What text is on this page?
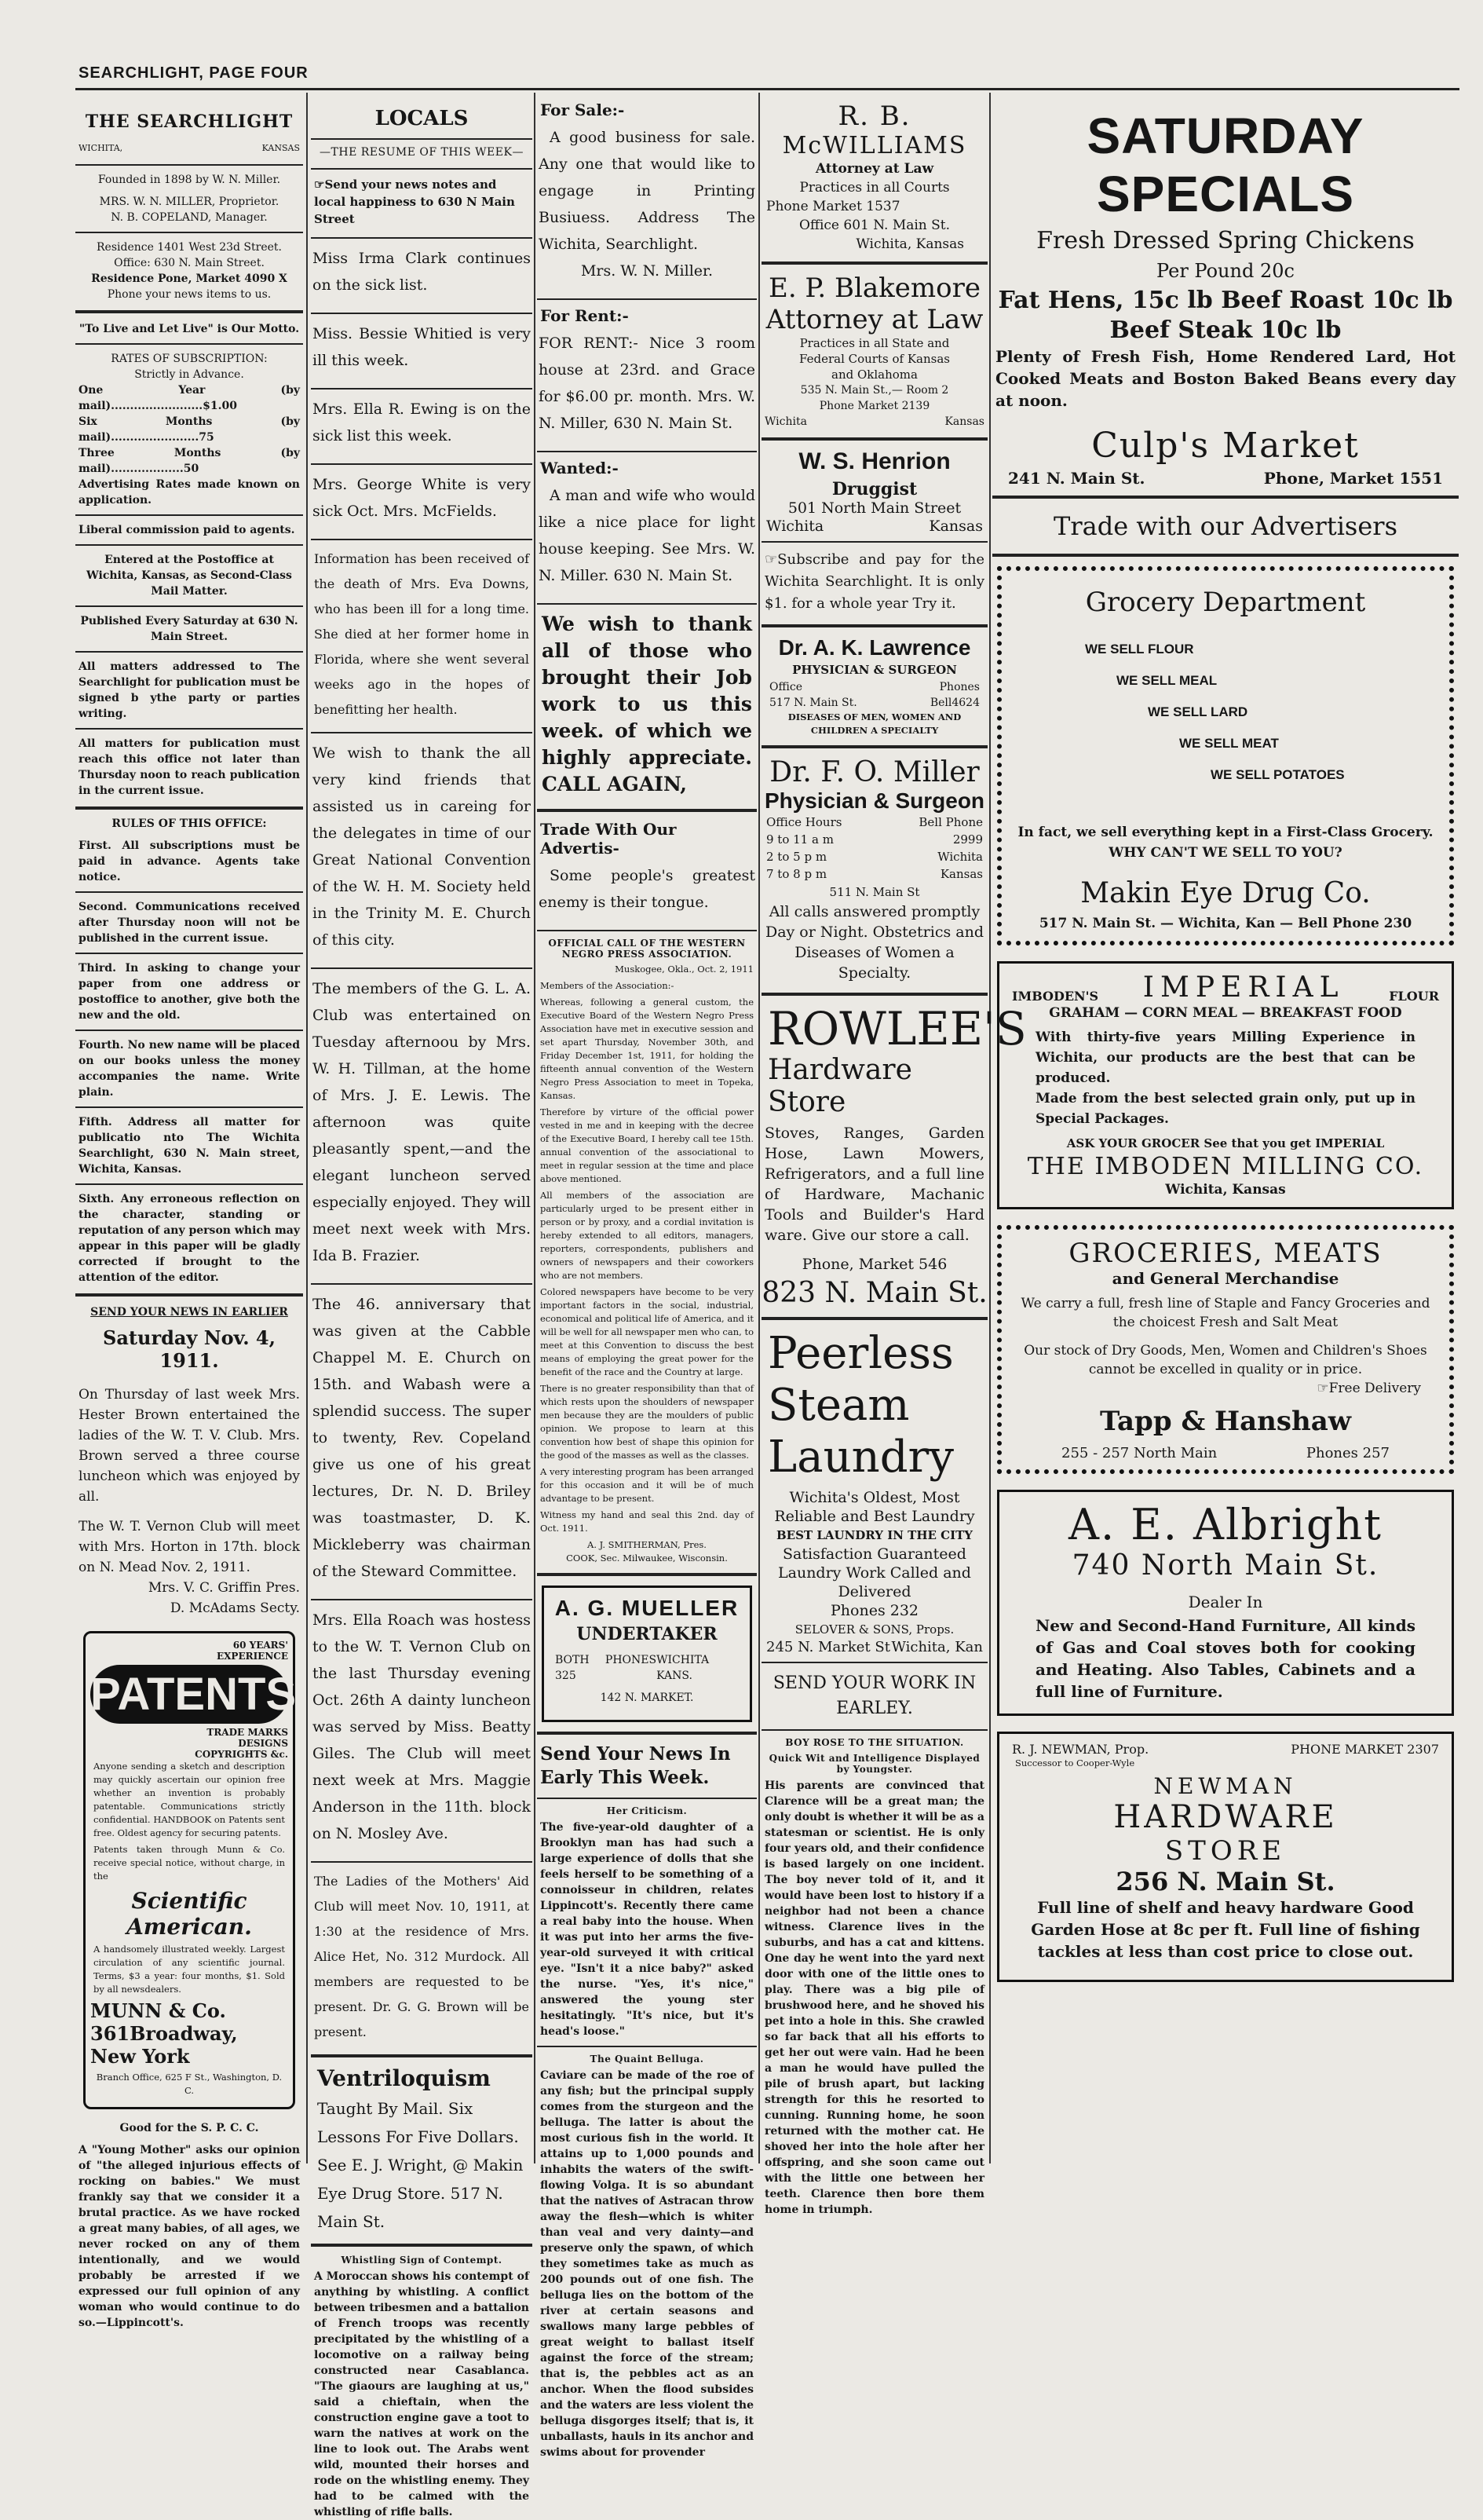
SEARCHLIGHT, PAGE FOUR
THE SEARCHLIGHT
WICHITA,	KANSAS

Founded in 1898 by W. N. Miller.

MRS. W. N. MILLER, Proprietor.

N. B. COPELAND, Manager.

Residence 1401 West 23d Street.

Office: 630 N. Main Street.

Residence Pone, Market 4090 X

Phone your news items to us.

"To Live and Let Live" is Our Motto.

RATES OF SUBSCRIPTION:

Strictly in Advance.

One Year (by mail)........................$1.00

Six Months (by mail).......................75

Three Months (by mail)...................50

Advertising Rates made known on application.

Liberal commission paid to agents.

Entered at the Postoffice at Wichita, Kansas, as Second-Class Mail Matter.

Published Every Saturday at 630 N. Main Street.

All matters addressed to The Searchlight for publication must be signed b ythe party or parties writing.

All matters for publication must reach this office not later than Thursday noon to reach publication in the current issue.

RULES OF THIS OFFICE:

First. All subscriptions must be paid in advance. Agents take notice.

Second. Communications received after Thursday noon will not be published in the current issue.

Third. In asking to change your paper from one address or postoffice to another, give both the new and the old.

Fourth. No new name will be placed on our books unless the money accompanies the name. Write plain.

Fifth. Address all matter for publicatio nto The Wichita Searchlight, 630 N. Main street, Wichita, Kansas.

Sixth. Any erroneous reflection on the character, standing or reputation of any person which may appear in this paper will be gladly corrected if brought to the attention of the editor.

SEND YOUR NEWS IN EARLIER

Saturday Nov. 4, 1911.

On Thursday of last week Mrs. Hester Brown entertained the ladies of the W. T. V. Club. Mrs. Brown served a three course luncheon which was enjoyed by all.

The W. T. Vernon Club will meet with Mrs. Horton in 17th. block on N. Mead Nov. 2, 1911.

Mrs. V. C. Griffin Pres.

D. McAdams Secty.

60 YEARS'
EXPERIENCE
PATENTS
TRADE MARKS
DESIGNS
COPYRIGHTS &c.

Anyone sending a sketch and description may quickly ascertain our opinion free whether an invention is probably patentable. Communications strictly confidential. HANDBOOK on Patents sent free. Oldest agency for securing patents.

Patents taken through Munn & Co. receive special notice, without charge, in the

Scientific American.

A handsomely illustrated weekly. Largest circulation of any scientific journal. Terms, $3 a year: four months, $1. Sold by all newsdealers.

MUNN & Co. 361Broadway, New York

Branch Office, 625 F St., Washington, D. C.

Good for the S. P. C. C.

A "Young Mother" asks our opinion of "the alleged injurious effects of rocking on babies." We must frankly say that we consider it a brutal practice. As we have rocked a great many babies, of all ages, we never rocked on any of them intentionally, and we would probably be arrested if we expressed our full opinion of any woman who would continue to do so.—Lippincott's.

LOCALS
—THE RESUME OF THIS WEEK—

☞Send your news notes and local happiness to 630 N Main Street

Miss Irma Clark continues on the sick list.

Miss. Bessie Whitied is very ill this week.

Mrs. Ella R. Ewing is on the sick list this week.

Mrs. George White is very sick Oct. Mrs. McFields.

Information has been received of the death of Mrs. Eva Downs, who has been ill for a long time. She died at her former home in Florida, where she went several weeks ago in the hopes of benefitting her health.

We wish to thank the all very kind friends that assisted us in careing for the delegates in time of our Great National Convention of the W. H. M. Society held in the Trinity M. E. Church of this city.

The members of the G. L. A. Club was entertained on Tuesday afternoou by Mrs. W. H. Tillman, at the home of Mrs. J. E. Lewis. The afternoon was quite pleasantly spent,—and the elegant luncheon served especially enjoyed. They will meet next week with Mrs. Ida B. Frazier.

The 46. anniversary that was given at the Cabble Chappel M. E. Church on 15th. and Wabash were a splendid success. The super to twenty, Rev. Copeland give us one of his great lectures, Dr. N. D. Briley was toastmaster, D. K. Mickleberry was chairman of the Steward Committee.

Mrs. Ella Roach was hostess to the W. T. Vernon Club on the last Thursday evening Oct. 26th A dainty luncheon was served by Miss. Beatty Giles. The Club will meet next week at Mrs. Maggie Anderson in the 11th. block on N. Mosley Ave.

The Ladies of the Mothers' Aid Club will meet Nov. 10, 1911, at 1:30 at the residence of Mrs. Alice Het, No. 312 Murdock. All members are requested to be present. Dr. G. G. Brown will be present.

Ventriloquism

Taught By Mail. Six Lessons For Five Dollars. See E. J. Wright, @ Makin Eye Drug Store. 517 N. Main St.

Whistling Sign of Contempt.

A Moroccan shows his contempt of anything by whistling. A conflict between tribesmen and a battalion of French troops was recently precipitated by the whistling of a locomotive on a railway being constructed near Casablanca. "The giaours are laughing at us," said a chieftain, when the construction engine gave a toot to warn the natives at work on the line to look out. The Arabs went wild, mounted their horses and rode on the whistling enemy. They had to be calmed with the whistling of rifle balls.

For Sale:-

A good business for sale. Any one that would like to engage in Printing Busiuess. Address The Wichita, Searchlight.

Mrs. W. N. Miller.

For Rent:-

FOR RENT:- Nice 3 room house at 23rd. and Grace for $6.00 pr. month. Mrs. W. N. Miller, 630 N. Main St.

Wanted:-

A man and wife who would like a nice place for light house keeping. See Mrs. W. N. Miller. 630 N. Main St.

We wish to thank all of those who brought their Job work to us this week. of which we highly appreciate. CALL AGAIN,

Trade With Our Advertis-

Some people's greatest enemy is their tongue.

OFFICIAL CALL OF THE WESTERN
NEGRO PRESS ASSOCIATION.

Muskogee, Okla., Oct. 2, 1911

Members of the Association:-

Whereas, following a general custom, the Executive Board of the Western Negro Press Association have met in executive session and set apart Thursday, November 30th, and Friday December 1st, 1911, for holding the fifteenth annual convention of the Western Negro Press Association to meet in Topeka, Kansas.

Therefore by virture of the official power vested in me and in keeping with the decree of the Executive Board, I hereby call tee 15th. annual convention of the associational to meet in regular session at the time and place above mentioned.

All members of the association are particularly urged to be present either in person or by proxy, and a cordial invitation is hereby extended to all editors, managers, reporters, correspondents, publishers and owners of newspapers and their coworkers who are not members.

Colored newspapers have become to be very important factors in the social, industrial, economical and political life of America, and it will be well for all newspaper men who can, to meet at this Convention to discuss the best means of employing the great power for the benefit of the race and the Country at large.

There is no greater responsibility than that of which rests upon the shoulders of newspaper men because they are the moulders of public opinion. We propose to learn at this convention how best of shape this opinion for the good of the masses as well as the classes.

A very interesting program has been arranged for this occasion and it will be of much advantage to be present.

Witness my hand and seal this 2nd. day of Oct. 1911.

A. J. SMITHERMAN, Pres.

COOK, Sec. Milwaukee, Wisconsin.

A. G. MUELLER
UNDERTAKER
BOTH PHONES 325
WICHITA KANS.

142 N. MARKET.

Send Your News In Early This Week.
Her Criticism.

The five-year-old daughter of a Brooklyn man has had such a large experience of dolls that she feels herself to be something of a connoisseur in children, relates Lippincott's. Recently there came a real baby into the house. When it was put into her arms the five-year-old surveyed it with critical eye. "Isn't it a nice baby?" asked the nurse. "Yes, it's nice," answered the young ster hesitatingly. "It's nice, but it's head's loose."

The Quaint Belluga.

Caviare can be made of the roe of any fish; but the principal supply comes from the sturgeon and the belluga. The latter is about the most curious fish in the world. It attains up to 1,000 pounds and inhabits the waters of the swift-flowing Volga. It is so abundant that the natives of Astracan throw away the flesh—which is whiter than veal and very dainty—and preserve only the spawn, of which they sometimes take as much as 200 pounds out of one fish. The belluga lies on the bottom of the river at certain seasons and swallows many large pebbles of great weight to ballast itself against the force of the stream; that is, the pebbles act as an anchor. When the flood subsides and the waters are less violent the belluga disgorges itself; that is, it unballasts, hauls in its anchor and swims about for provender

R. B.
McWILLIAMS
Attorney at Law
Practices in all Courts
Phone Market 1537
Office 601 N. Main St.
Wichita, Kansas
E. P. Blakemore
Attorney at Law
Practices in all State and
Federal Courts of Kansas
and Oklahoma
535 N. Main St.,— Room 2
Phone Market 2139
Wichita	Kansas
W. S. Henrion
Druggist
501 North Main Street
Wichita	Kansas

☞Subscribe and pay for the Wichita Searchlight. It is only $1. for a whole year Try it.

Dr. A. K. Lawrence
PHYSICIAN & SURGEON
Office	Phones
517 N. Main St.	Bell4624

DISEASES OF MEN, WOMEN AND CHILDREN A SPECIALTY

Dr. F. O. Miller
Physician & Surgeon
Office Hours	Bell Phone
9 to 11 a m	2999
2 to 5 p m	Wichita
7 to 8 p m	Kansas
511 N. Main St

All calls answered promptly Day or Night. Obstetrics and Diseases of Women a Specialty.

ROWLEE'S
Hardware Store

Stoves, Ranges, Garden Hose, Lawn Mowers, Refrigerators, and a full line of Hardware, Machanic Tools and Builder's Hard ware. Give our store a call.

Phone, Market 546
823 N. Main St.
Peerless
Steam
Laundry
Wichita's Oldest, Most Reliable and Best Laundry
BEST LAUNDRY IN THE CITY
Satisfaction Guaranteed
Laundry Work Called and Delivered
Phones 232
SELOVER & SONS, Props.
245 N. Market St Wichita, Kan
SEND YOUR WORK IN EARLEY.
BOY ROSE TO THE SITUATION.
Quick Wit and Intelligence Displayed by Youngster.

His parents are convinced that Clarence will be a great man; the only doubt is whether it will be as a statesman or scientist. He is only four years old, and their confidence is based largely on one incident. The boy never told of it, and it would have been lost to history if a neighbor had not been a chance witness. Clarence lives in the suburbs, and has a cat and kittens. One day he went into the yard next door with one of the little ones to play. There was a big pile of brushwood here, and he shoved his pet into a hole in this. She crawled so far back that all his efforts to get her out were vain. Had he been a man he would have pulled the pile of brush apart, but lacking strength for this he resorted to cunning. Running home, he soon returned with the mother cat. He shoved her into the hole after her offspring, and she soon came out with the little one between her teeth. Clarence then bore them home in triumph.

SATURDAY SPECIALS
Fresh Dressed Spring Chickens
Per Pound 20c
Fat Hens, 15c lb Beef Roast 10c lb
Beef Steak 10c lb

Plenty of Fresh Fish, Home Rendered Lard, Hot Cooked Meats and Boston Baked Beans every day at noon.

Culp's Market
241 N. Main St.	Phone, Market 1551
Trade with our Advertisers
Grocery Department
WE SELL FLOUR
WE SELL MEAL
WE SELL LARD
WE SELL MEAT
WE SELL POTATOES

In fact, we sell everything kept in a First-Class Grocery. WHY CAN'T WE SELL TO YOU?

Makin Eye Drug Co.
517 N. Main St. — Wichita, Kan — Bell Phone 230
IMBODEN'S IMPERIAL	FLOUR
GRAHAM — CORN MEAL — BREAKFAST FOOD

With thirty-five years Milling Experience in Wichita, our products are the best that can be produced.

Made from the best selected grain only, put up in Special Packages.

ASK YOUR GROCER See that you get IMPERIAL
THE IMBODEN MILLING CO.
Wichita, Kansas
GROCERIES, MEATS
and General Merchandise

We carry a full, fresh line of Staple and Fancy Groceries and the choicest Fresh and Salt Meat

Our stock of Dry Goods, Men, Women and Children's Shoes cannot be excelled in quality or in price.

☞Free Delivery
Tapp & Hanshaw
255 - 257 North Main	Phones 257
A. E. Albright
740 North Main St.
Dealer In

New and Second-Hand Furniture, All kinds of Gas and Coal stoves both for cooking and Heating. Also Tables, Cabinets and a full line of Furniture.

R. J. NEWMAN, Prop.	PHONE MARKET 2307
Successor to Cooper-Wyle
NEWMAN
HARDWARE
STORE
256 N. Main St.

Full line of shelf and heavy hardware Good Garden Hose at 8c per ft. Full line of fishing tackles at less than cost price to close out.
